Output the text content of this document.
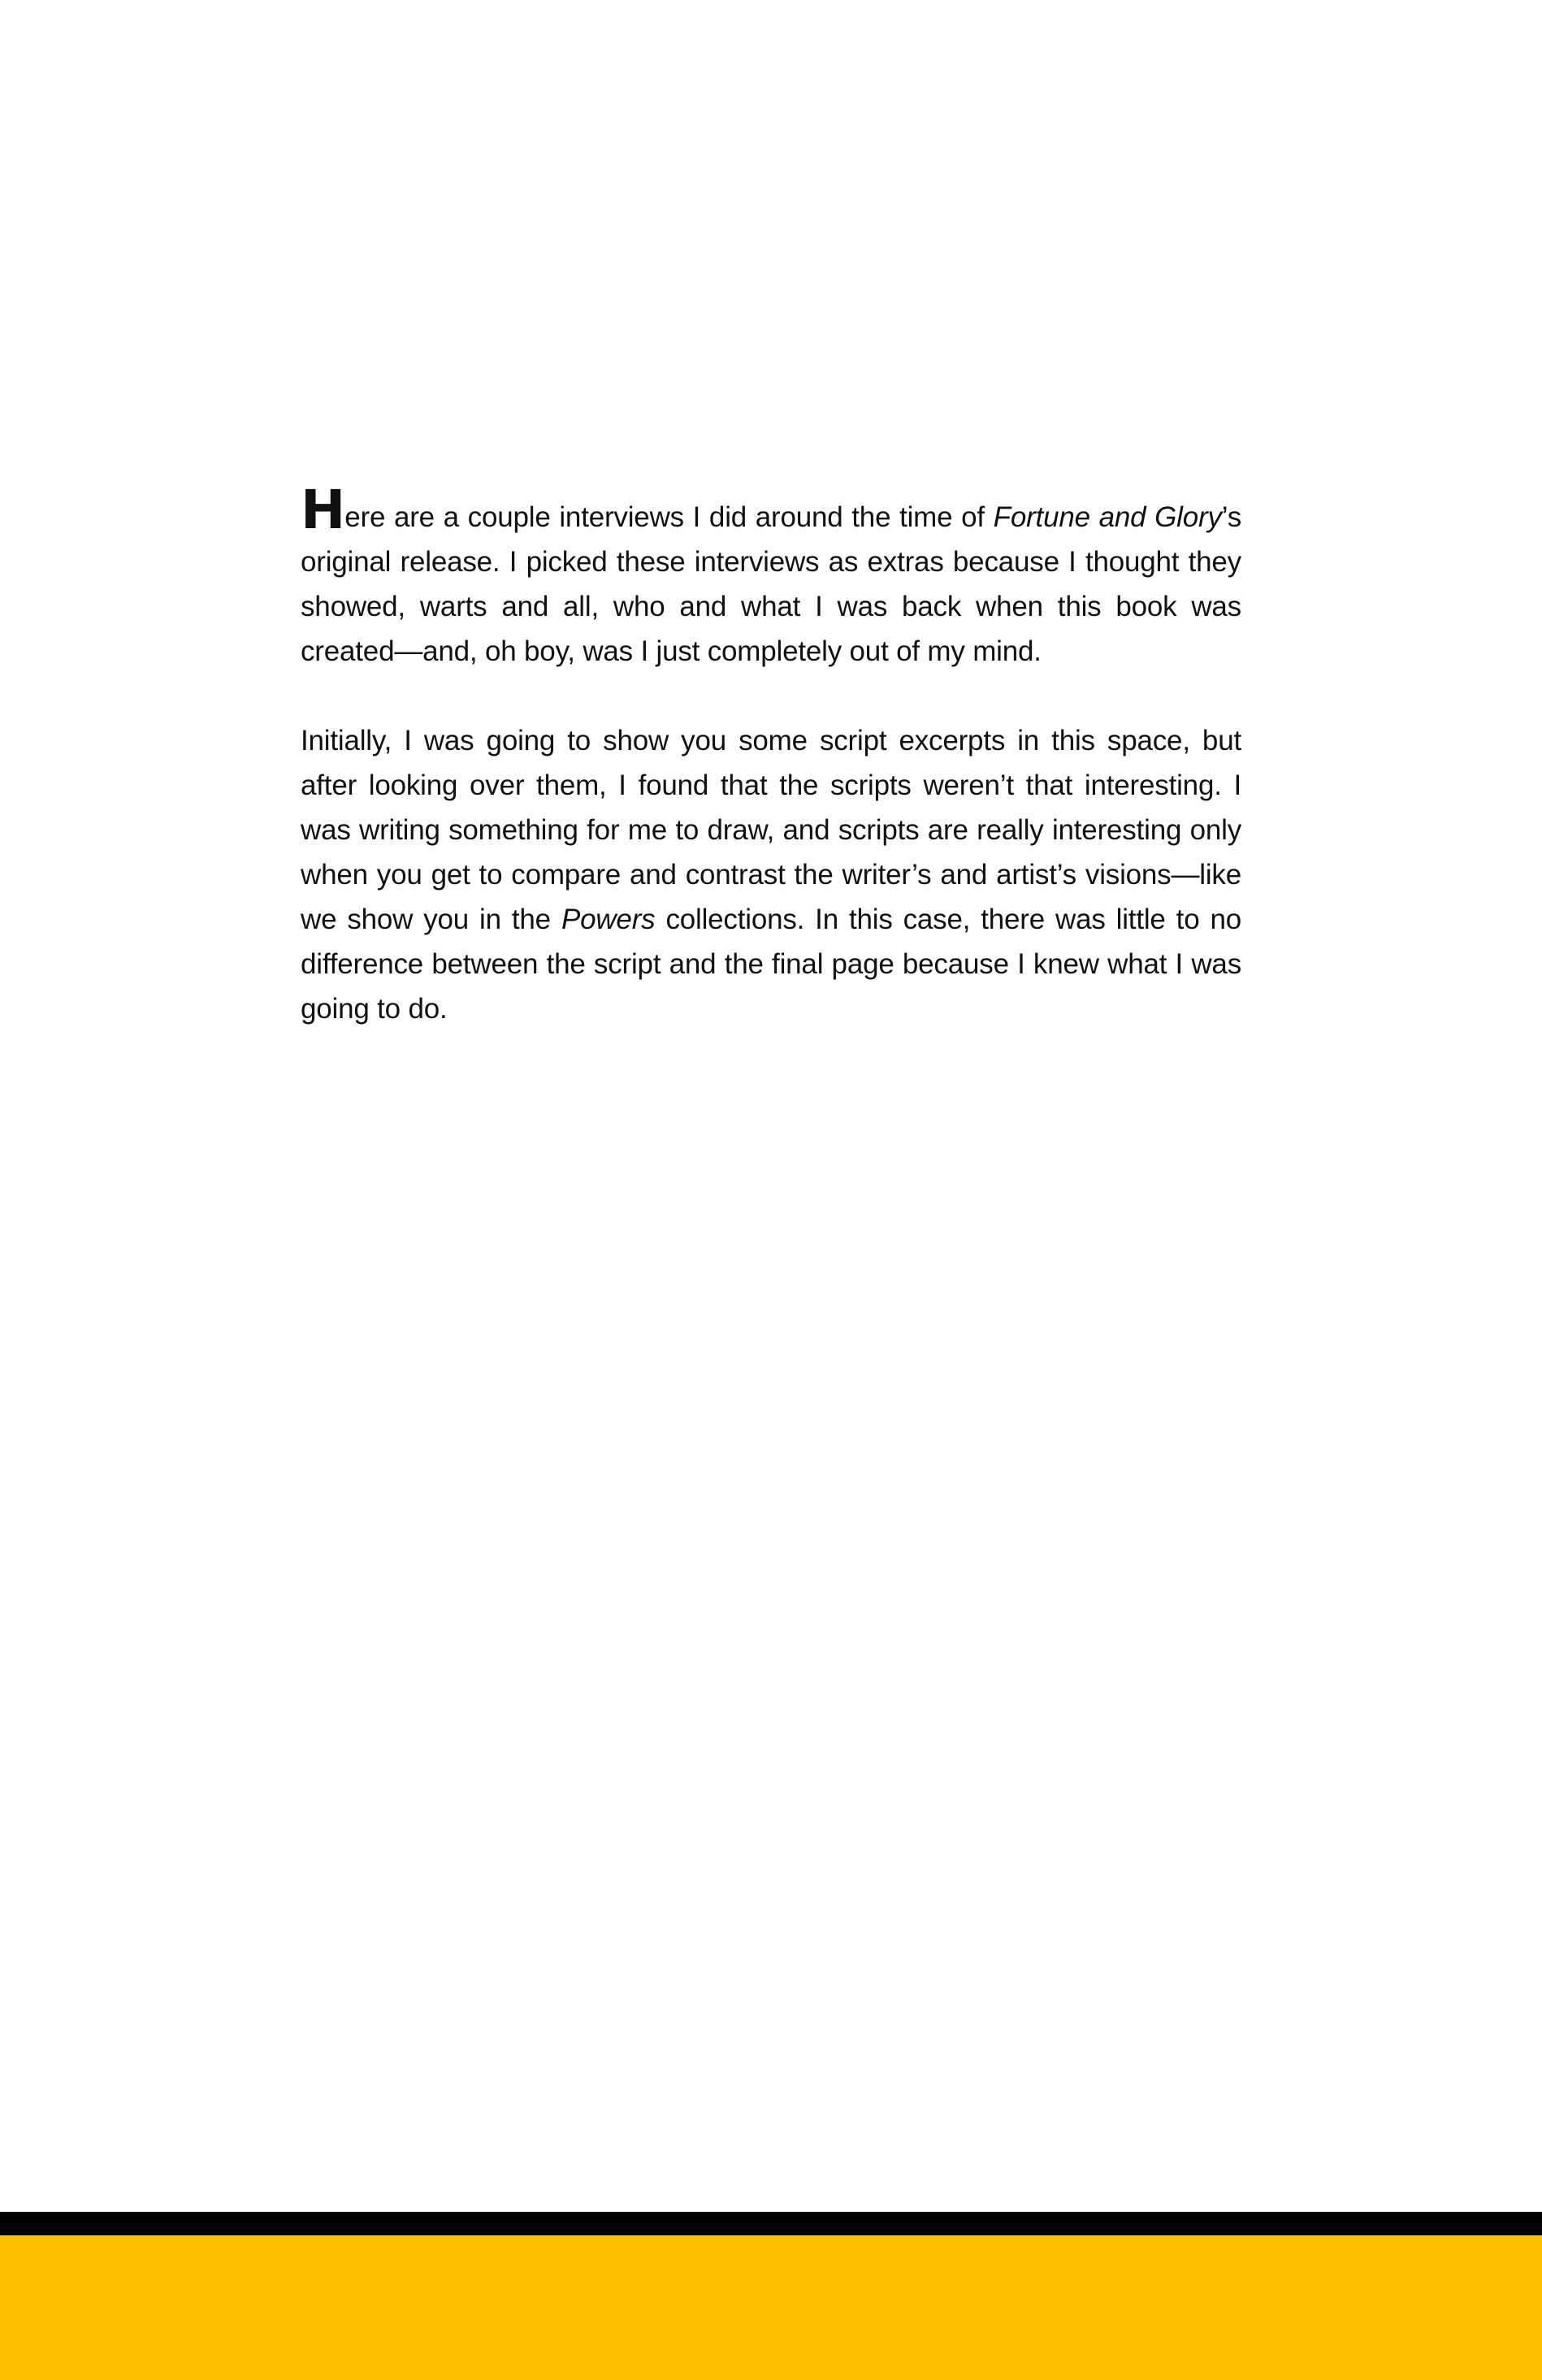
Here are a couple interviews I did around the time of Fortune and Glory’s original release. I picked these interviews as extras because I thought they showed, warts and all, who and what I was back when this book was created—and, oh boy, was I just completely out of my mind.

Initially, I was going to show you some script excerpts in this space, but after looking over them, I found that the scripts weren’t that interesting. I was writing something for me to draw, and scripts are really interesting only when you get to compare and contrast the writer’s and artist’s visions—like we show you in the Powers collections. In this case, there was little to no difference between the script and the final page because I knew what I was going to do.
